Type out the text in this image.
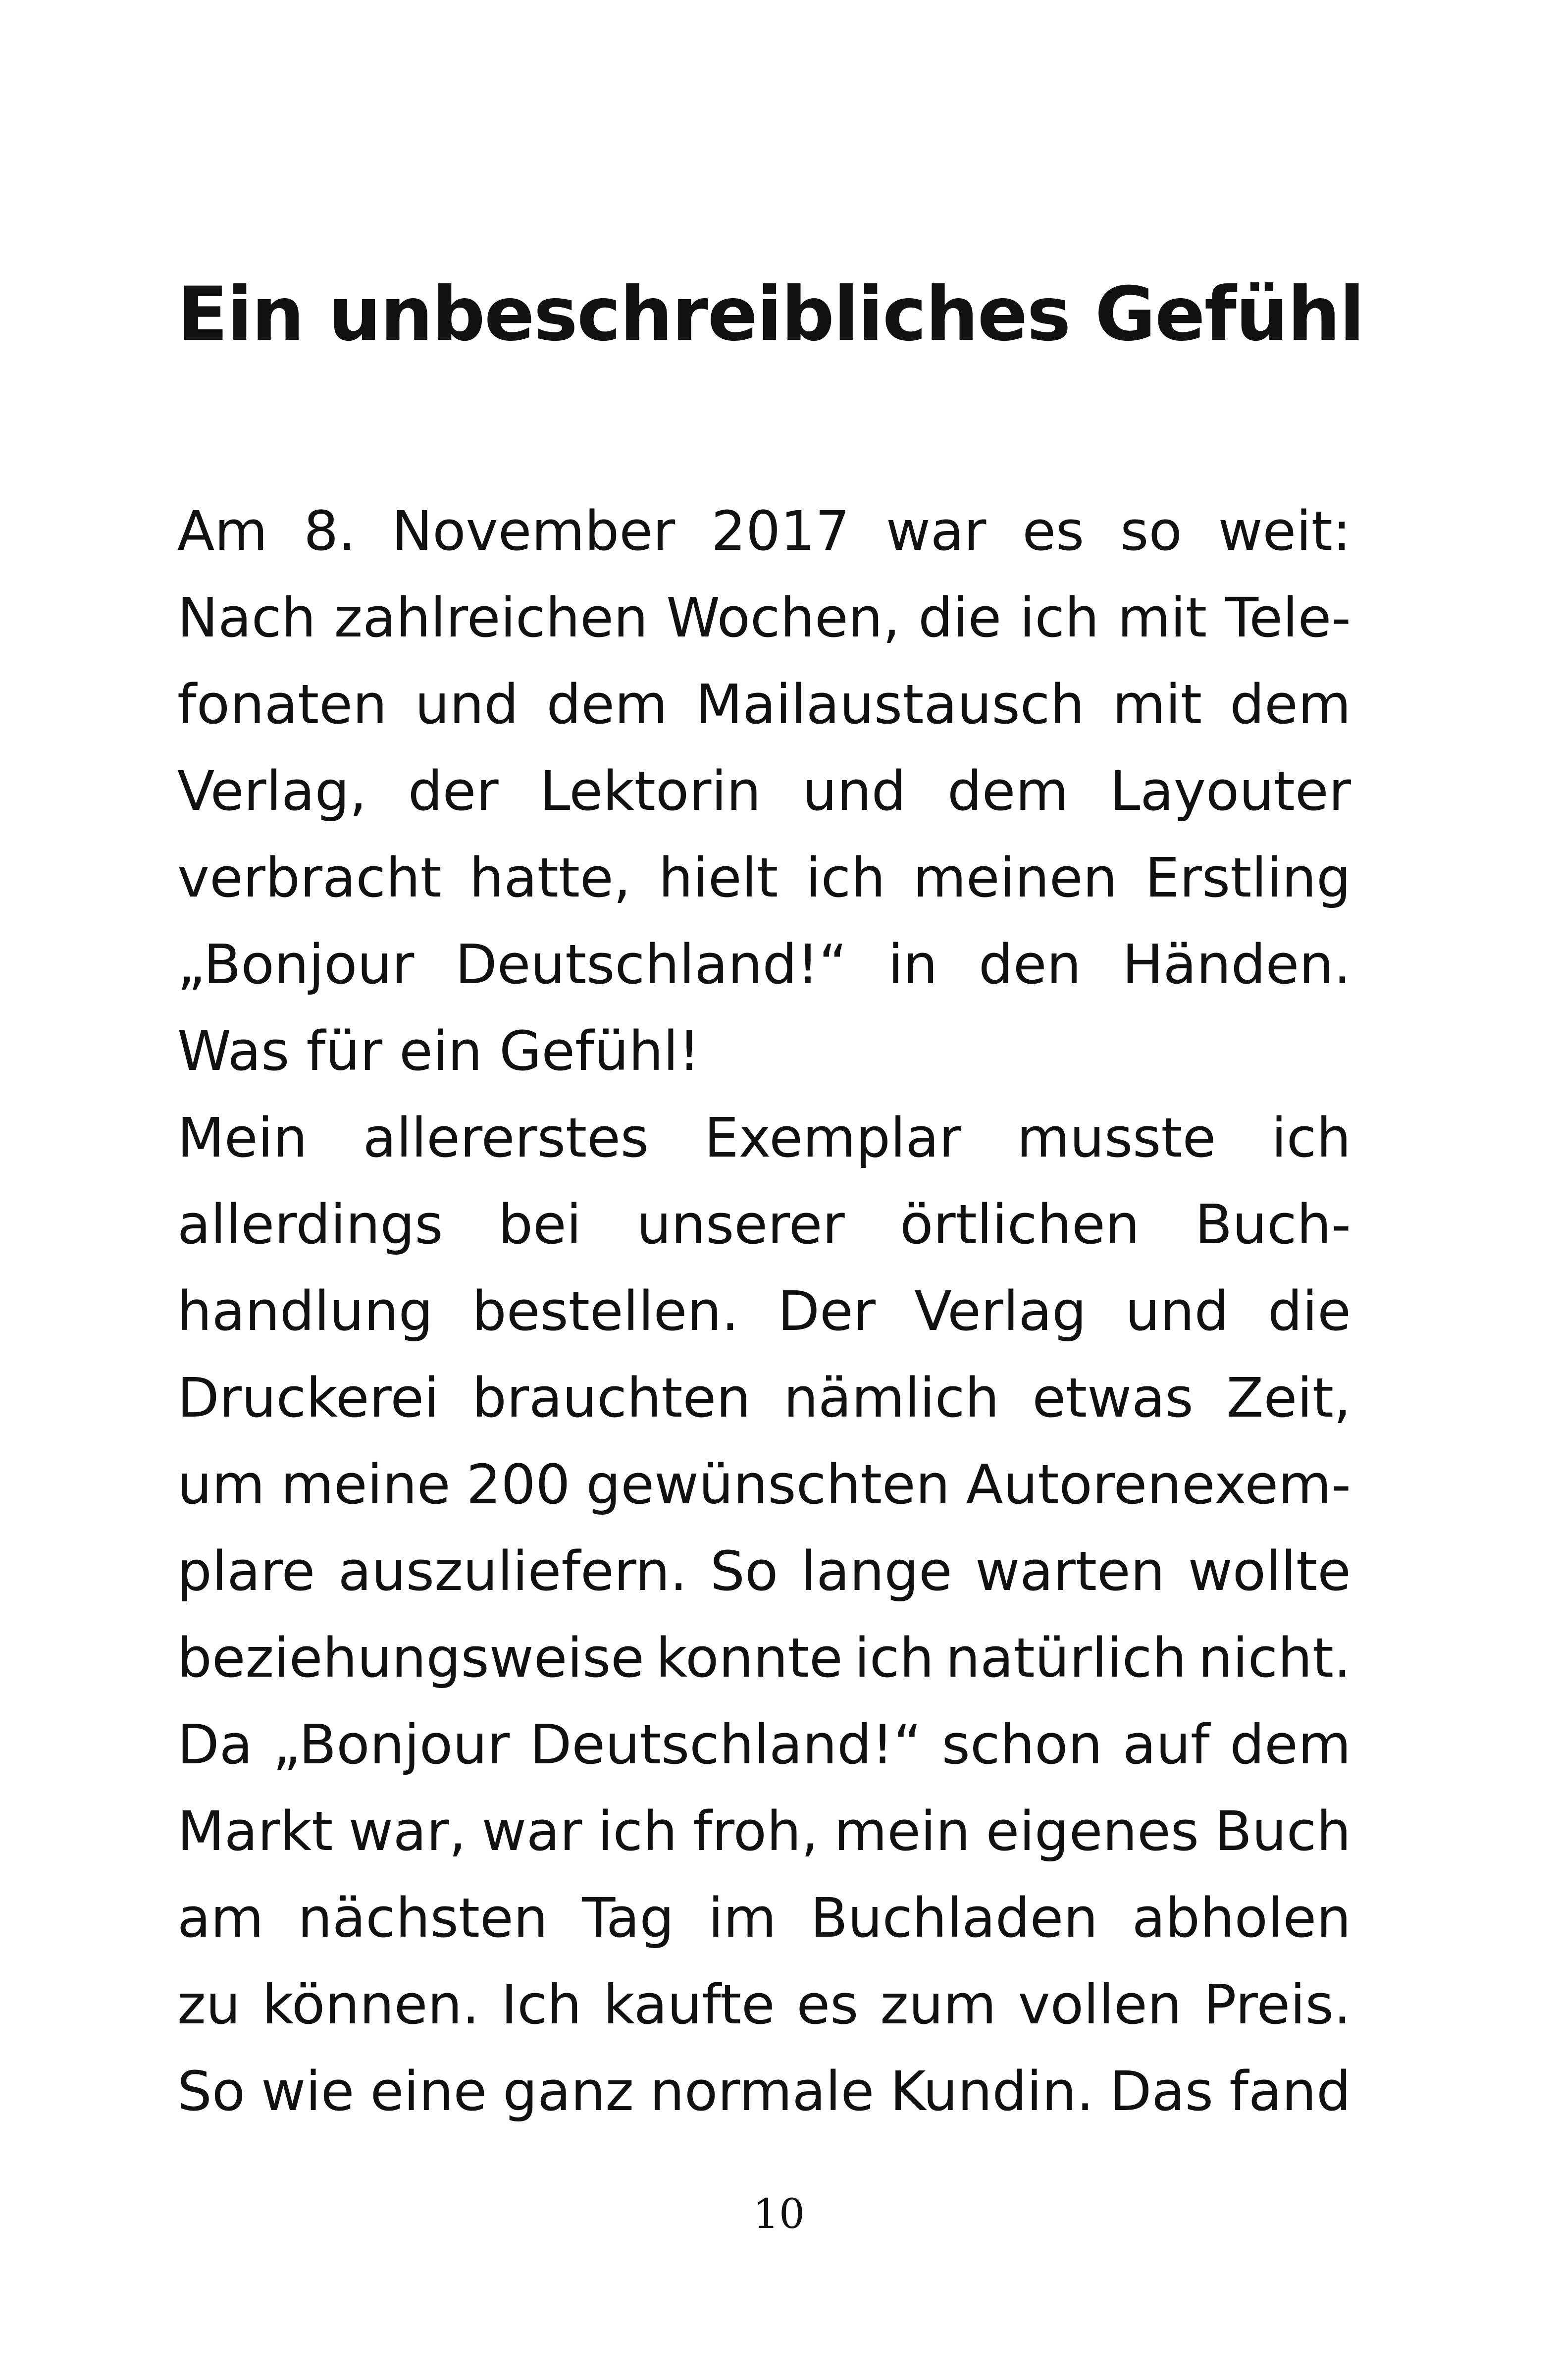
Ein unbeschreibliches Gefühl
Am 8. November 2017 war es so weit:
Nach zahlreichen Wochen, die ich mit Tele-
fonaten und dem Mailaustausch mit dem
Verlag, der Lektorin und dem Layouter
verbracht hatte, hielt ich meinen Erstling
„Bonjour Deutschland!“ in den Händen.
Was für ein Gefühl!
Mein allererstes Exemplar musste ich
allerdings bei unserer örtlichen Buch-
handlung bestellen. Der Verlag und die
Druckerei brauchten nämlich etwas Zeit,
um meine 200 gewünschten Autorenexem-
plare auszuliefern. So lange warten wollte
beziehungsweise konnte ich natürlich nicht.
Da „Bonjour Deutschland!“ schon auf dem
Markt war, war ich froh, mein eigenes Buch
am nächsten Tag im Buchladen abholen
zu können. Ich kaufte es zum vollen Preis.
So wie eine ganz normale Kundin. Das fand
10
